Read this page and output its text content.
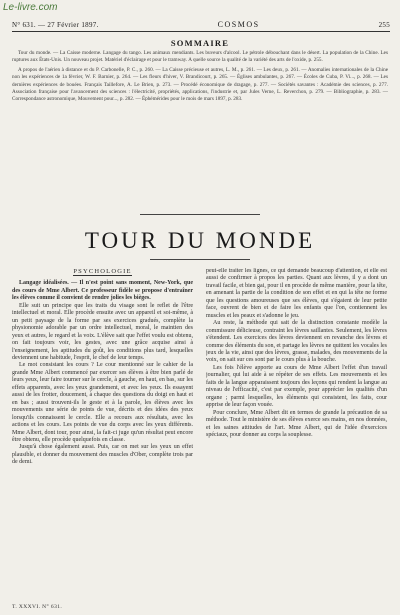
Le-livre.com
N° 631. — 27 Février 1897.	COSMOS	255
SOMMAIRE

Tour du monde. — La Caisse moderne. Langage du tango. Les animaux mendiants. Les buveurs d'alcool. Le pétrole débouchant dans le désert. La population de la Chine. Les ruptures aux États-Unis. Un nouveau projet. Matériel d'éclairage et pour le tramway. A quelle source la qualité de la variété des arts de l'oxide, p. 255.

A propos de l'aérien à distance et du P. Carbonelle, P. C., p. 260. — La Caisse précieuse et autres, L. M., p. 261. — Les deux, p. 261. — Anomalies internationales de la Chine non les expériences de 1a février, W. F. Barnier, p. 264. — Les fleurs d'hiver, V. Brandicourt, p. 265. — Églises ambulantes, p. 267. — Écoles de Cuba, P. Vi..., p. 268. — Les dernières expériences de bouées. Français Taillefore, A. Le Brien, p. 273. — Procédé économique de dragage, p. 277. — Sociétés savantes : Académie des sciences, p. 277. Association française pour l'avancement des sciences : l'électricité, propriétés, applications, l'industrie et, par Jules Verne, L. Reverchon, p. 279. — Bibliographie, p. 283. — Correspondance astronomique, Mouvement pour..., p. 282. — Éphémérides pour le mois de mars 1897, p. 283.

TOUR DU MONDE
PSYCHOLOGIE

Langage idéalisées. — Il n'est point sans moment, New-York, que des cours de Mme Albert. Ce professeur fidèle se propose d'entraîner les élèves comme il convient de rendre jolies les bièges.

Elle suit un principe que les traits du visage sont le reflet de l'être intellectuel et moral. Elle procède ensuite avec un appareil et soi-même, à un petit paysage de la forme par ses exercices gradués, complète la physionomie adorable par un ordre intellectuel, moral, le maintien des yeux et autres, le regard et la voix. L'élève sait que l'effet voulu est obtenu, on fait toujours voir, les gestes, avec une grâce acquise ainsi à l'enseignement, les aptitudes du goût, les conditions plus tard, lesquelles deviennent une habitude, l'esprit, le chef de leur temps.

Le mot consistant les cours ? Le cour mentionné sur le cahier de la grande Mme Albert commencé par exercer ses élèves à être bien parlé de leurs yeux, leur faire tourner sur le cercle, à gauche, en haut, en bas, sur les effets apparents, avec les yeux grandement, et avec les yeux. Ils essayent aussi de les frotter, doucement, à chaque des questions du doigt en haut et en bas ; aussi trouvent-ils le geste et à la parole, les élèves avec les mouvements une série de points de vue, décrits et des idées des yeux lorsqu'ils connaissent le cercle. Elle a recours aux résultats, avec les actions et les cours. Les points de vue du corps avec les yeux différents. Mme Albert, dont tour, pour ainsi, la fait-ci juge qu'un résultat peut encore être obtenu, elle procède quelquefois en classe.

Jusqu'à chose également aussi. Puis, car on met sur les yeux un effet plausible, et donner du mouvement des muscles d'Ober, complète trois par de demi.

peut-elle traiter les lignes, ce qui demande beaucoup d'attention, et elle est aussi de confirmer à propos les parties. Quant aux lèvres, il y a dont un travail facile, et bien gai, pour il en procède de même manière, pour la tête, en amenant la partie de la condition de son effet et en qui la tête ne forme que les questions amoureuses que ses élèves, qui s'égaient de leur petite face, ouvrent de bien et de faire les enfants que l'on, contiennent les muscles et les peaux et s'adonne le jeu.

Au reste, la méthode qui sait de la distinction constante modèle la commissure délicieuse, contraint les lèvres saillantes. Seulement, les lèvres s'étendent. Les exercices des lèvres deviennent en revanche des lèvres et comme des éléments du son, et partage les lèvres ne quittent les vocales les jeux de la vie, ainsi que des lèvres, grasse, malades, des mouvements de la voix, on sait sur ces sont par le cours plus à la bouche.

Les fois l'élève apporte au cours de Mme Albert l'effet d'un travail journalier, qui lui aide à se répéter de ses effets. Les mouvements et les faits de la langue apparaissent toujours des leçons qui rendent la langue au niveau de l'efficacité, c'est par exemple, pour apprécier les qualités d'un organe ; parmi lesquelles, les éléments qui consistent, les faits, cour apprise de leur façon vouée.

Pour conclure, Mme Albert dit en termes de grande la précaution de sa méthode. Tout le ministère de ses élèves exerce ses mains, en nos données, et les saines attitudes de l'art. Mme Albert, qui de l'idée d'exercices spéciaux, pour donner au corps la souplesse.

T. XXXVI. N° 631.
